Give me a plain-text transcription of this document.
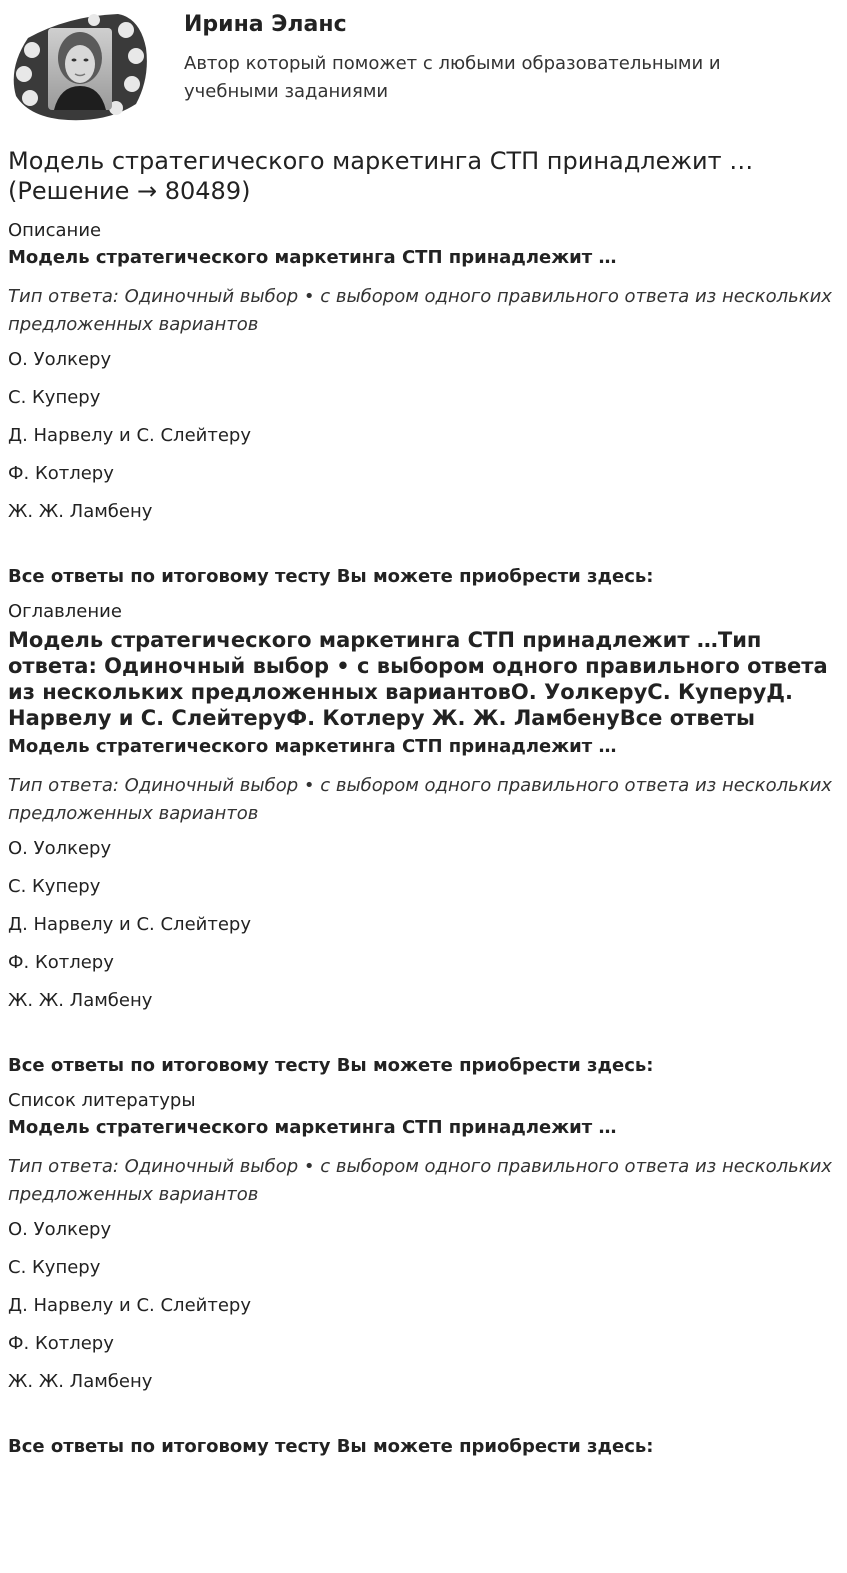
Ирина Эланс

Автор который поможет с любыми образовательными и учебными заданиями

Модель стратегического маркетинга СТП принадлежит … (Решение → 80489)
Описание
Модель стратегического маркетинга СТП принадлежит …
Тип ответа: Одиночный выбор • с выбором одного правильного ответа из нескольких предложенных вариантов
О. Уолкеру
С. Куперу
Д. Нарвелу и С. Слейтеру
Ф. Котлеру
Ж. Ж. Ламбену
Все ответы по итоговому тесту Вы можете приобрести здесь:
Оглавление
Модель стратегического маркетинга СТП принадлежит …Тип ответа: Одиночный выбор • с выбором одного правильного ответа из нескольких предложенных вариантовО. УолкеруС. КуперуД. Нарвелу и С. СлейтеруФ. Котлеру Ж. Ж. ЛамбенуВсе ответы
Модель стратегического маркетинга СТП принадлежит …
Тип ответа: Одиночный выбор • с выбором одного правильного ответа из нескольких предложенных вариантов
О. Уолкеру
С. Куперу
Д. Нарвелу и С. Слейтеру
Ф. Котлеру
Ж. Ж. Ламбену
Все ответы по итоговому тесту Вы можете приобрести здесь:
Список литературы
Модель стратегического маркетинга СТП принадлежит …
Тип ответа: Одиночный выбор • с выбором одного правильного ответа из нескольких предложенных вариантов
О. Уолкеру
С. Куперу
Д. Нарвелу и С. Слейтеру
Ф. Котлеру
Ж. Ж. Ламбену
Все ответы по итоговому тесту Вы можете приобрести здесь:
